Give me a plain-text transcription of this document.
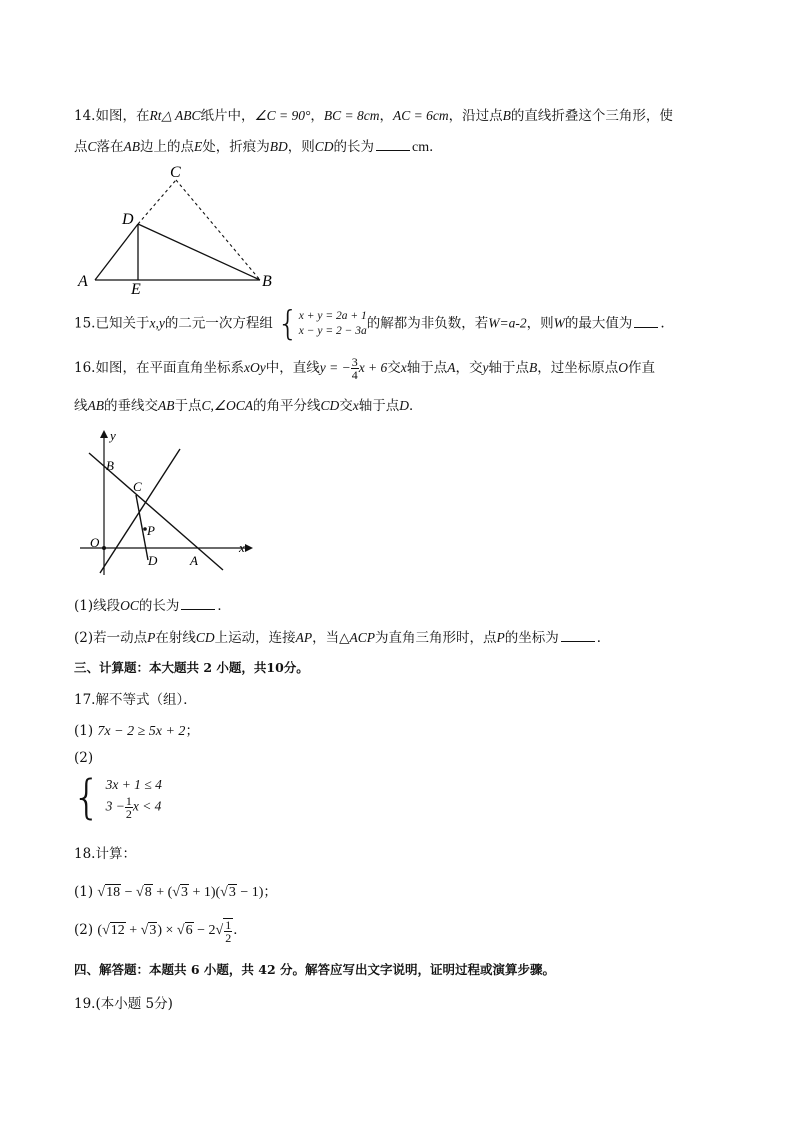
14.如图，在Rt△ ABC纸片中，∠C = 90°，BC = 8cm，AC = 6cm，沿过点B的直线折叠这个三角形，使
点C落在AB边上的点E处，折痕为BD，则CD的长为	cm．
C
D
A	E	B
15.已知关于x,y的二元一次方程组 { x + y = 2a + 1
x − y = 2 − 3a 的解都为非负数，若W=a-2，则W的最大值为 .
16.如图，在平面直角坐标系xOy中，直线y = − $\frac{3}{4}$ x + 6交x轴于点A，交y轴于点B，过坐标原点O作直
线AB的垂线交AB于点C,∠OCA的角平分线CD交x轴于点D．
y
x
B
C
P
O
D	A
(1)线段OC的长为	．
(2)若一动点P在射线CD上运动，连接AP，当△ACP为直角三角形时，点P的坐标为	．
三、计算题：本大题共 2 小题，共10分。
17.解不等式（组）．
(1) 7x − 2 ≥ 5x + 2；
(2)
{ 3x + 1 ≤ 4
$3 - \frac{1}{2}$ x < 4
18.计算：
(1) √18 − √8 + (√3 + 1)(√3 − 1)；
(2) $(√12 + √3) \times √6 - 2√ \frac{1}{2}$ ．
四、解答题：本题共 6 小题，共 42 分。解答应写出文字说明，证明过程或演算步骤。
19.(本小题 5分)
